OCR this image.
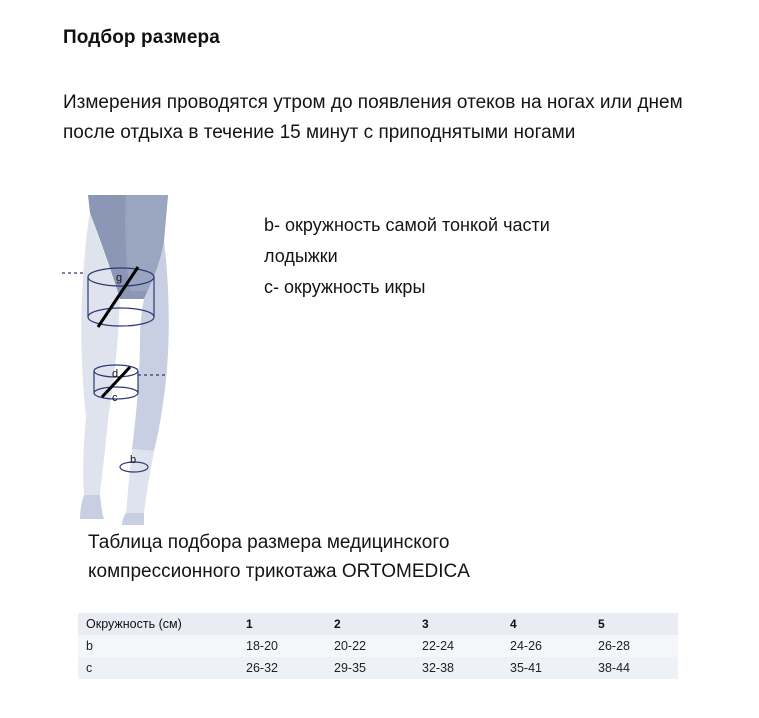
Подбор размера
Измерения проводятся утром до появления отеков на ногах или днем после отдыха в течение 15 минут с приподнятыми ногами
g
d
c
b
b- окружность самой тонкой части
лодыжки
c- окружность икры
Таблица подбора размера медицинского
компрессионного трикотажа ORTOMEDICA
Окружность (см)	1	2	3	4	5
b	18-20	20-22	22-24	24-26	26-28
c	26-32	29-35	32-38	35-41	38-44
